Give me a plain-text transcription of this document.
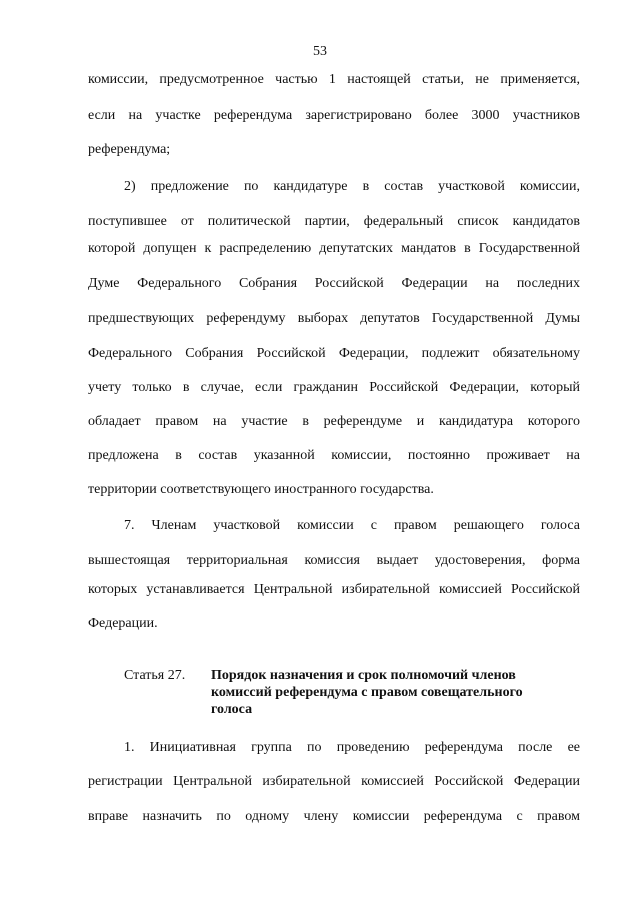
53
комиссии, предусмотренное частью 1 настоящей статьи, не применяется,
если на участке референдума зарегистрировано более 3000 участников
референдума;
2) предложение по кандидатуре в состав участковой комиссии,
поступившее от политической партии, федеральный список кандидатов
которой допущен к распределению депутатских мандатов в Государственной
Думе Федерального Собрания Российской Федерации на последних
предшествующих референдуму выборах депутатов Государственной Думы
Федерального Собрания Российской Федерации, подлежит обязательному
учету только в случае, если гражданин Российской Федерации, который
обладает правом на участие в референдуме и кандидатура которого
предложена в состав указанной комиссии, постоянно проживает на
территории соответствующего иностранного государства.
7. Членам участковой комиссии с правом решающего голоса
вышестоящая территориальная комиссия выдает удостоверения, форма
которых устанавливается Центральной избирательной комиссией Российской
Федерации.
Статья 27. Порядок назначения и срок полномочий членов
комиссий референдума с правом совещательного
голоса
1. Инициативная группа по проведению референдума после ее
регистрации Центральной избирательной комиссией Российской Федерации
вправе назначить по одному члену комиссии референдума с правом
